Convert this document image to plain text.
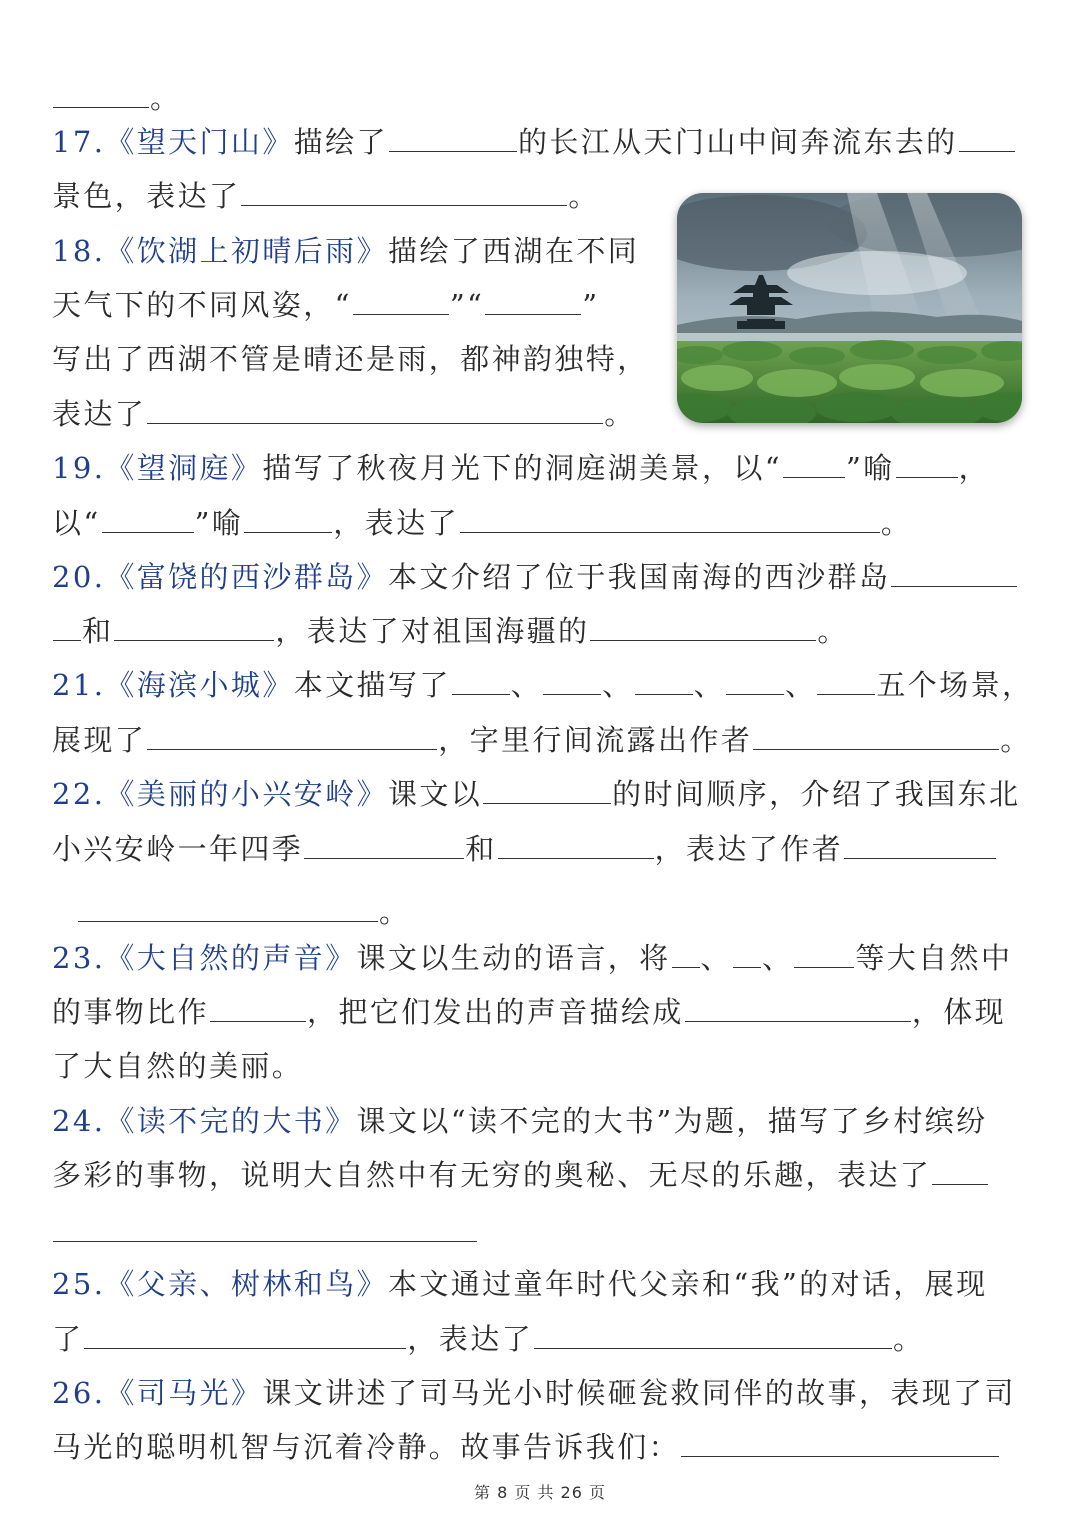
。
17.《望天门山》描绘了	的长江从天门山中间奔流东去的
景色，表达了	。
18.《饮湖上初晴后雨》描绘了西湖在不同
天气下的不同风姿，“	”“	”
写出了西湖不管是晴还是雨，都神韵独特，
表达了	。
19.《望洞庭》描写了秋夜月光下的洞庭湖美景，以“ ”喻 ，
以“	”喻	，表达了	。
20.《富饶的西沙群岛》本文介绍了位于我国南海的西沙群岛
和	，表达了对祖国海疆的	。
21.《海滨小城》本文描写了 、 、 、 、 五个场景，
展现了	，字里行间流露出作者	。
22.《美丽的小兴安岭》课文以	的时间顺序，介绍了我国东北
小兴安岭一年四季	和	，表达了作者
。
23.《大自然的声音》课文以生动的语言，将 、 、 等大自然中
的事物比作	，把它们发出的声音描绘成	，体现
了大自然的美丽。
24.《读不完的大书》课文以“读不完的大书”为题，描写了乡村缤纷
多彩的事物，说明大自然中有无穷的奥秘、无尽的乐趣，表达了
25.《父亲、树林和鸟》本文通过童年时代父亲和“我”的对话，展现
了	，表达了	。
26.《司马光》课文讲述了司马光小时候砸瓮救同伴的故事，表现了司
马光的聪明机智与沉着冷静。故事告诉我们：
第 8 页 共 26 页
